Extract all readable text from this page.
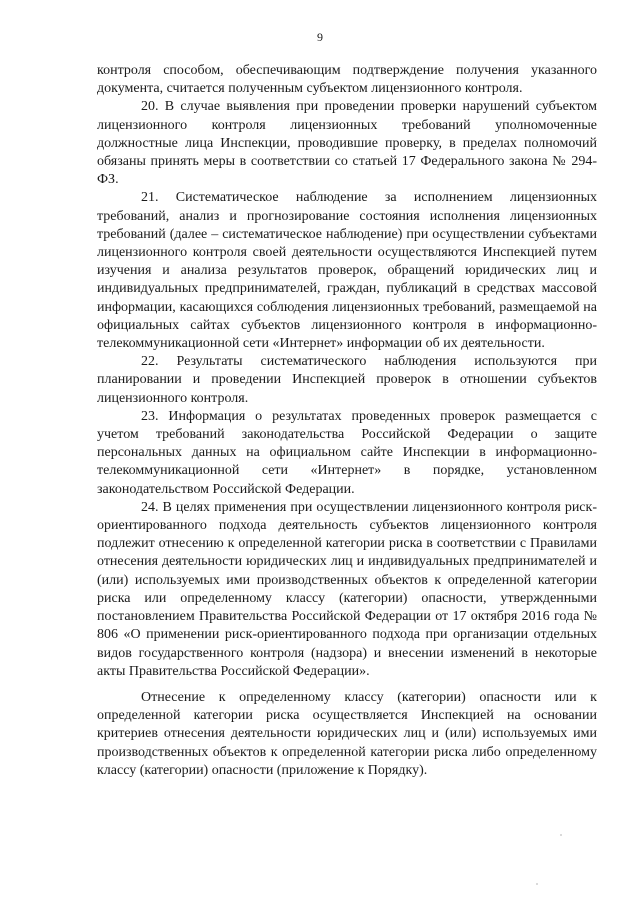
9

контроля способом, обеспечивающим подтверждение получения указанного документа, считается полученным субъектом лицензионного контроля.

20. В случае выявления при проведении проверки нарушений субъектом лицензионного контроля лицензионных требований уполномоченные должностные лица Инспекции, проводившие проверку, в пределах полномочий обязаны принять меры в соответствии со статьей 17 Федерального закона № 294-ФЗ.

21. Систематическое наблюдение за исполнением лицензионных требований, анализ и прогнозирование состояния исполнения лицензионных требований (далее – систематическое наблюдение) при осуществлении субъектами лицензионного контроля своей деятельности осуществляются Инспекцией путем изучения и анализа результатов проверок, обращений юридических лиц и индивидуальных предпринимателей, граждан, публикаций в средствах массовой информации, касающихся соблюдения лицензионных требований, размещаемой на официальных сайтах субъектов лицензионного контроля в информационно-телекоммуникационной сети «Интернет» информации об их деятельности.

22. Результаты систематического наблюдения используются при планировании и проведении Инспекцией проверок в отношении субъектов лицензионного контроля.

23. Информация о результатах проведенных проверок размещается с учетом требований законодательства Российской Федерации о защите персональных данных на официальном сайте Инспекции в информационно-телекоммуникационной сети «Интернет» в порядке, установленном законодательством Российской Федерации.

24. В целях применения при осуществлении лицензионного контроля риск-ориентированного подхода деятельность субъектов лицензионного контроля подлежит отнесению к определенной категории риска в соответствии с Правилами отнесения деятельности юридических лиц и индивидуальных предпринимателей и (или) используемых ими производственных объектов к определенной категории риска или определенному классу (категории) опасности, утвержденными постановлением Правительства Российской Федерации от 17 октября 2016 года № 806 «О применении риск-ориентированного подхода при организации отдельных видов государственного контроля (надзора) и внесении изменений в некоторые акты Правительства Российской Федерации».

Отнесение к определенному классу (категории) опасности или к определенной категории риска осуществляется Инспекцией на основании критериев отнесения деятельности юридических лиц и (или) используемых ими производственных объектов к определенной категории риска либо определенному классу (категории) опасности (приложение к Порядку).
